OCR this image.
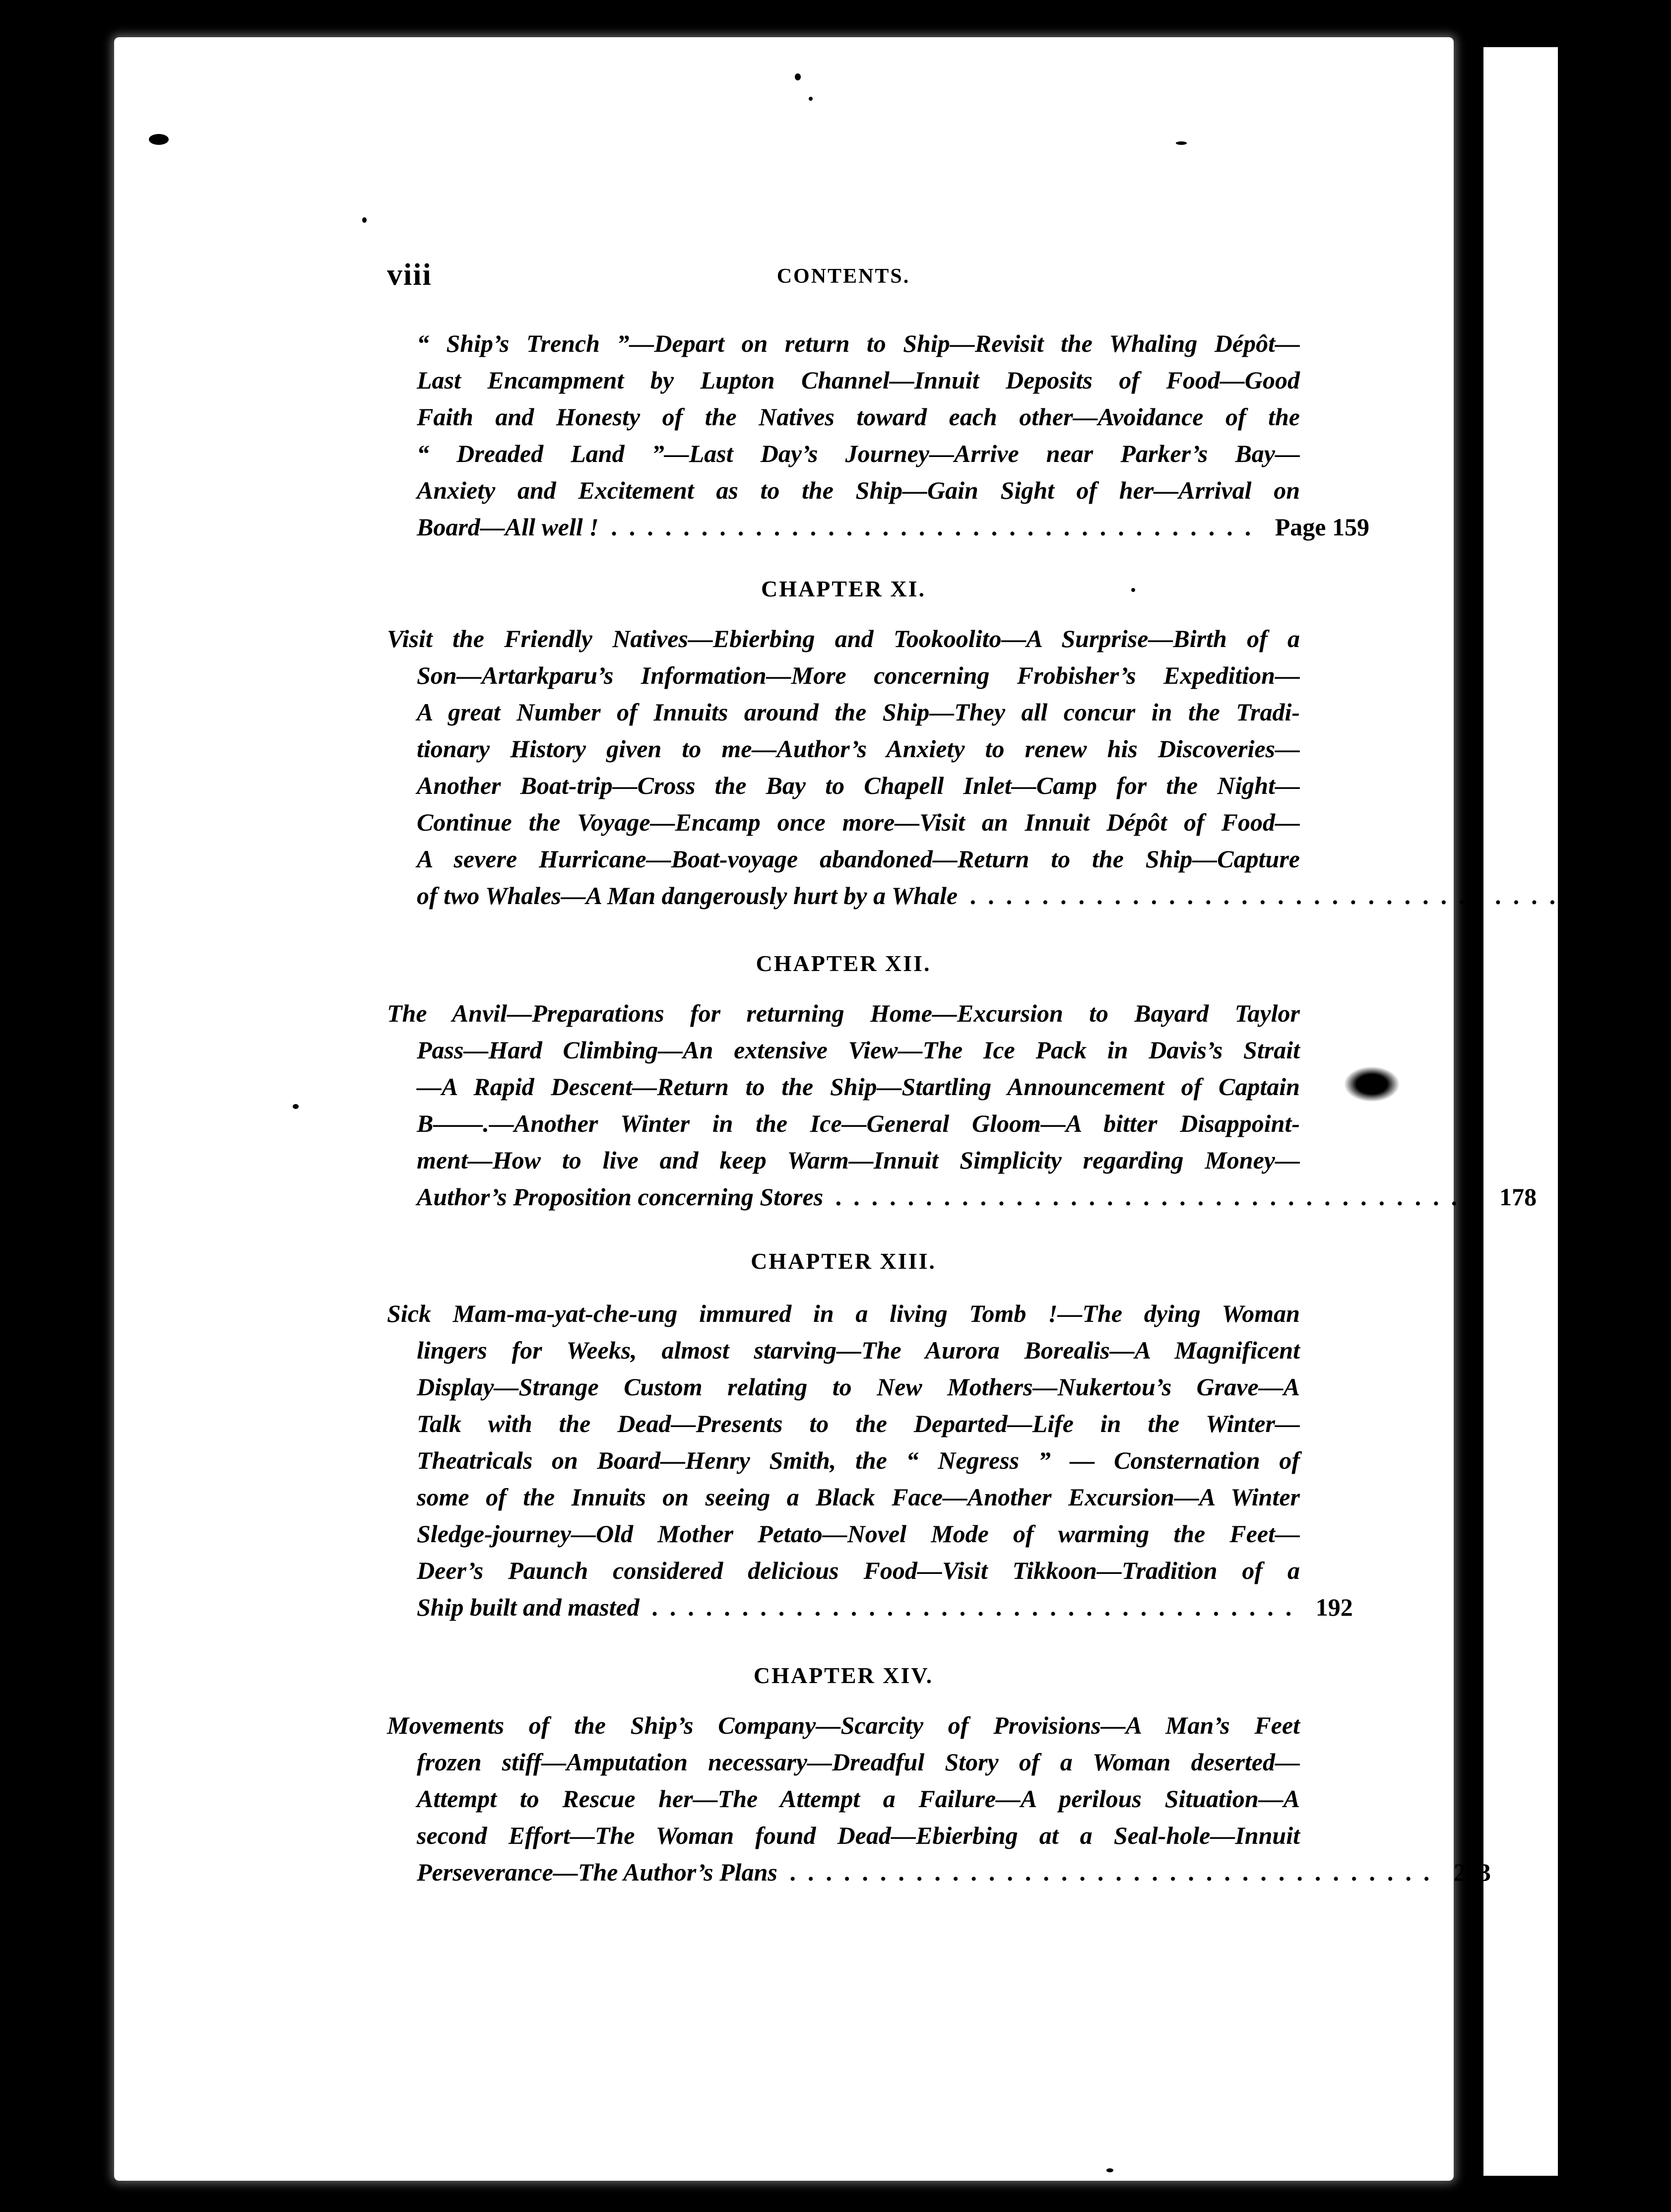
viii	CONTENTS.
“ Ship’s Trench ”—Depart on return to Ship—Revisit the Whaling Dépôt—
Last Encampment by Lupton Channel—Innuit Deposits of Food—Good
Faith and Honesty of the Natives toward each other—Avoidance of the
“ Dreaded Land ”—Last Day’s Journey—Arrive near Parker’s Bay—
Anxiety and Excitement as to the Ship—Gain Sight of her—Arrival on
Board—All well ! .................................... Page 159
CHAPTER XI.
Visit the Friendly Natives—Ebierbing and Tookoolito—A Surprise—Birth of a
Son—Artarkparu’s Information—More concerning Frobisher’s Expedition—
A great Number of Innuits around the Ship—They all concur in the Tradi-
tionary History given to me—Author’s Anxiety to renew his Discoveries—
Another Boat-trip—Cross the Bay to Chapell Inlet—Camp for the Night—
Continue the Voyage—Encamp once more—Visit an Innuit Dépôt of Food—
A severe Hurricane—Boat-voyage abandoned—Return to the Ship—Capture
of two Whales—A Man dangerously hurt by a Whale .................................... 168
CHAPTER XII.
The Anvil—Preparations for returning Home—Excursion to Bayard Taylor
Pass—Hard Climbing—An extensive View—The Ice Pack in Davis’s Strait
—A Rapid Descent—Return to the Ship—Startling Announcement of Captain
B——.—Another Winter in the Ice—General Gloom—A bitter Disappoint-
ment—How to live and keep Warm—Innuit Simplicity regarding Money—
Author’s Proposition concerning Stores .................................... 178
CHAPTER XIII.
Sick Mam-ma-yat-che-ung immured in a living Tomb !—The dying Woman
lingers for Weeks, almost starving—The Aurora Borealis—A Magnificent
Display—Strange Custom relating to New Mothers—Nukertou’s Grave—A
Talk with the Dead—Presents to the Departed—Life in the Winter—
Theatricals on Board—Henry Smith, the “ Negress ” — Consternation of
some of the Innuits on seeing a Black Face—Another Excursion—A Winter
Sledge-journey—Old Mother Petato—Novel Mode of warming the Feet—
Deer’s Paunch considered delicious Food—Visit Tikkoon—Tradition of a
Ship built and masted .................................... 192
CHAPTER XIV.
Movements of the Ship’s Company—Scarcity of Provisions—A Man’s Feet
frozen stiff—Amputation necessary—Dreadful Story of a Woman deserted—
Attempt to Rescue her—The Attempt a Failure—A perilous Situation—A
second Effort—The Woman found Dead—Ebierbing at a Seal-hole—Innuit
Perseverance—The Author’s Plans .................................... 213
